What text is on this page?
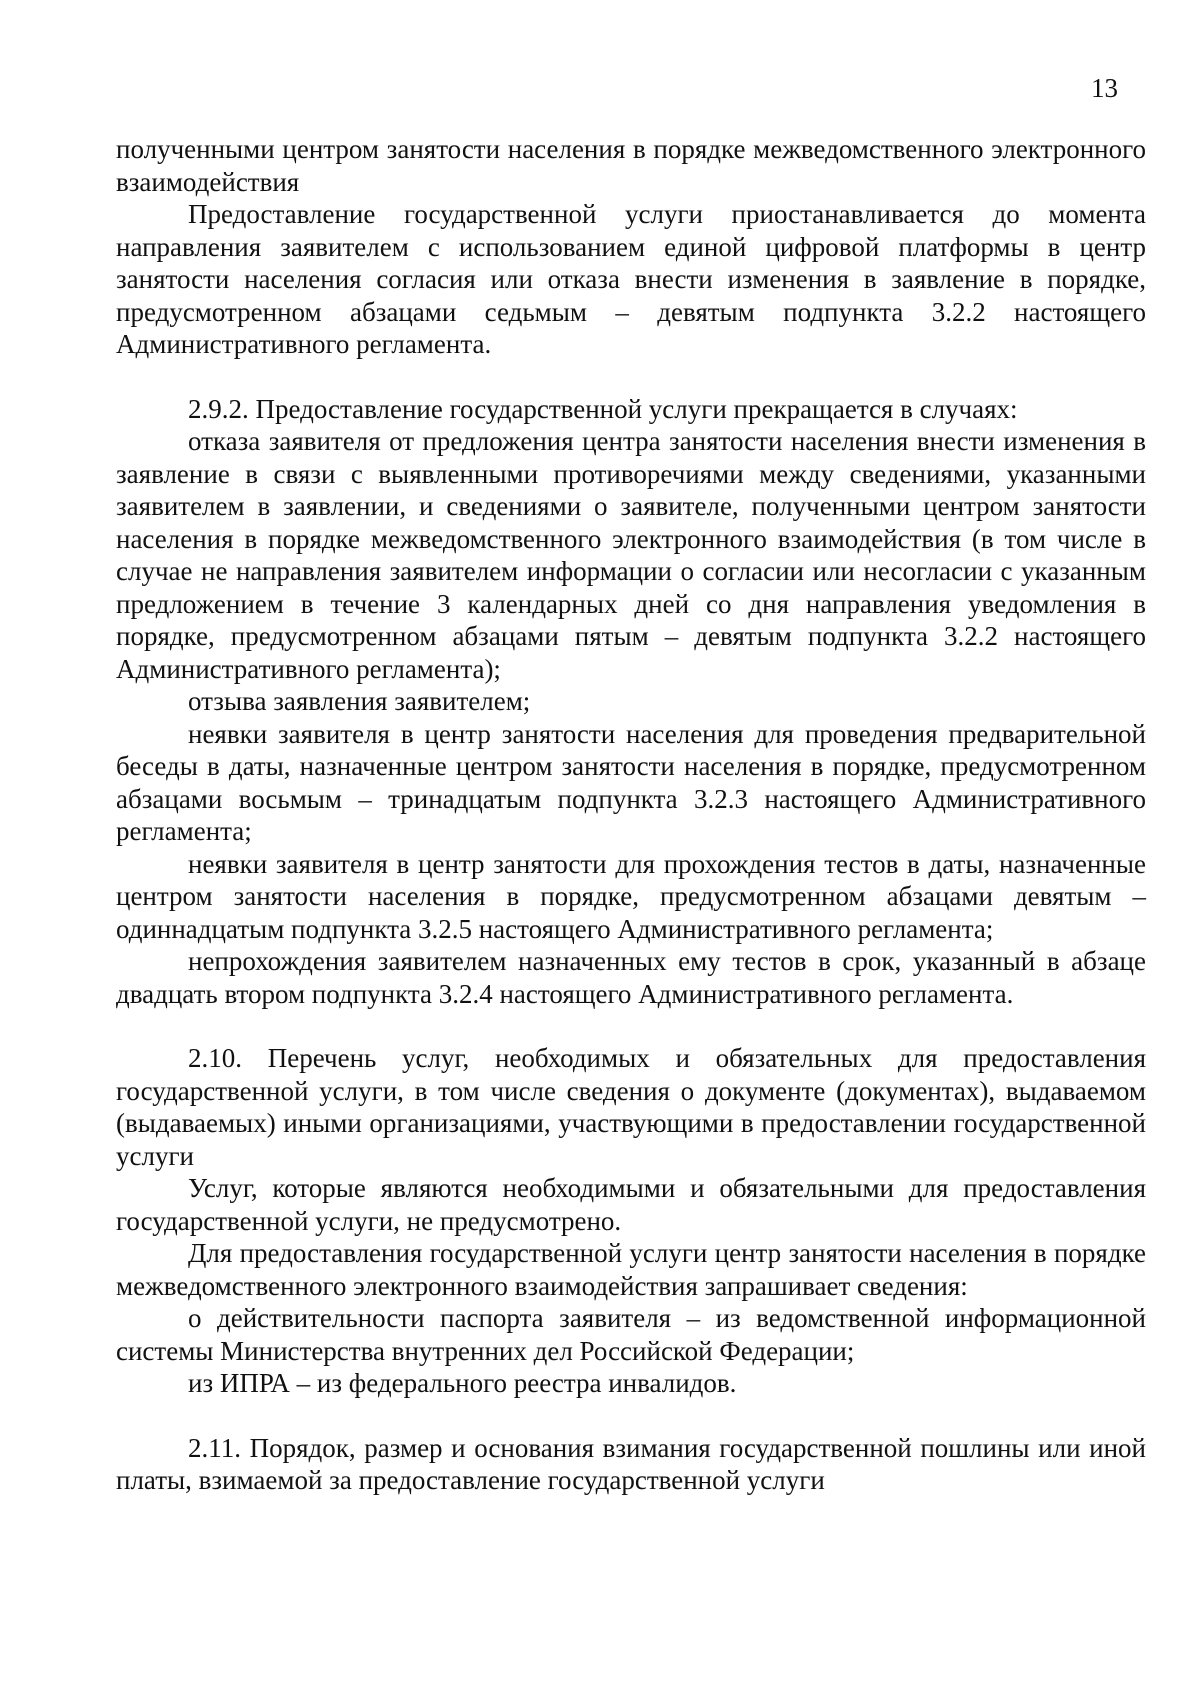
13

полученными центром занятости населения в порядке межведомственного электронного взаимодействия

Предоставление государственной услуги приостанавливается до момента направления заявителем с использованием единой цифровой платформы в центр занятости населения согласия или отказа внести изменения в заявление в порядке, предусмотренном абзацами седьмым – девятым подпункта 3.2.2 настоящего Административного регламента.

2.9.2. Предоставление государственной услуги прекращается в случаях:

отказа заявителя от предложения центра занятости населения внести изменения в заявление в связи с выявленными противоречиями между сведениями, указанными заявителем в заявлении, и сведениями о заявителе, полученными центром занятости населения в порядке межведомственного электронного взаимодействия (в том числе в случае не направления заявителем информации о согласии или несогласии с указанным предложением в течение 3 календарных дней со дня направления уведомления в порядке, предусмотренном абзацами пятым – девятым подпункта 3.2.2 настоящего Административного регламента);

отзыва заявления заявителем;

неявки заявителя в центр занятости населения для проведения предварительной беседы в даты, назначенные центром занятости населения в порядке, предусмотренном абзацами восьмым – тринадцатым подпункта 3.2.3 настоящего Административного регламента;

неявки заявителя в центр занятости для прохождения тестов в даты, назначенные центром занятости населения в порядке, предусмотренном абзацами девятым – одиннадцатым подпункта 3.2.5 настоящего Административного регламента;

непрохождения заявителем назначенных ему тестов в срок, указанный в абзаце двадцать втором подпункта 3.2.4 настоящего Административного регламента.

2.10. Перечень услуг, необходимых и обязательных для предоставления государственной услуги, в том числе сведения о документе (документах), выдаваемом (выдаваемых) иными организациями, участвующими в предоставлении государственной услуги

Услуг, которые являются необходимыми и обязательными для предоставления государственной услуги, не предусмотрено.

Для предоставления государственной услуги центр занятости населения в порядке межведомственного электронного взаимодействия запрашивает сведения:

о действительности паспорта заявителя – из ведомственной информационной системы Министерства внутренних дел Российской Федерации;

из ИПРА – из федерального реестра инвалидов.

2.11. Порядок, размер и основания взимания государственной пошлины или иной платы, взимаемой за предоставление государственной услуги
